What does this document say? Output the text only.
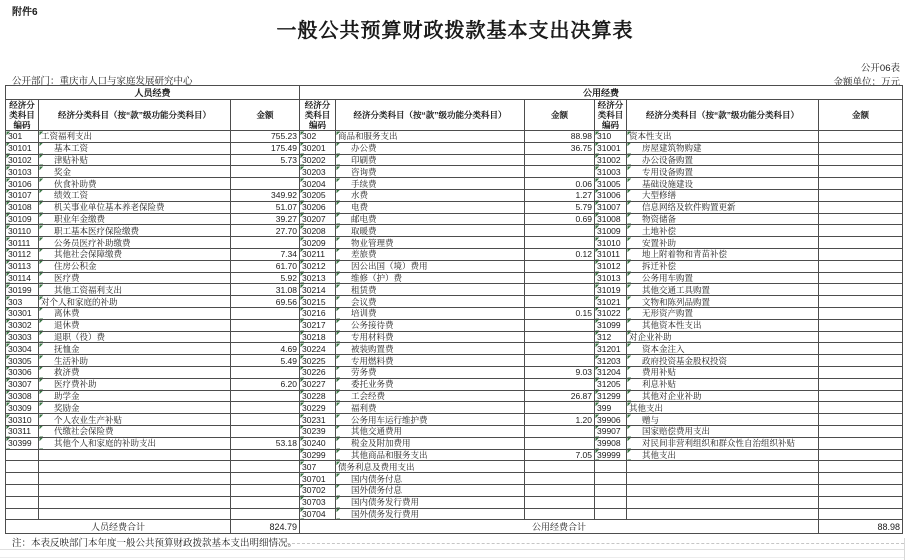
附件6
一般公共预算财政拨款基本支出决算表
公开06表
公开部门：重庆市人口与家庭发展研究中心	金额单位：万元
人员经费			公用经费					
经济分类科目编码	经济分类科目（按“款”级功能分类科目）	金额	经济分类科目编码	经济分类科目（按“款”级功能分类科目）	金额	经济分类科目编码	经济分类科目（按“款”级功能分类科目）	金额
301	工资福利支出	755.23	302	商品和服务支出	88.98	310	资本性支出	
30101	基本工资	175.49	30201	办公费	36.75	31001	房屋建筑物购建	
30102	津贴补贴	5.73	30202	印刷费		31002	办公设备购置	
30103	奖金		30203	咨询费		31003	专用设备购置	
30106	伙食补助费		30204	手续费	0.06	31005	基础设施建设	
30107	绩效工资	349.92	30205	水费	1.27	31006	大型修缮	
30108	机关事业单位基本养老保险费	51.07	30206	电费	5.79	31007	信息网络及软件购置更新	
30109	职业年金缴费	39.27	30207	邮电费	0.69	31008	物资储备	
30110	职工基本医疗保险缴费	27.70	30208	取暖费		31009	土地补偿	
30111	公务员医疗补助缴费		30209	物业管理费		31010	安置补助	
30112	其他社会保障缴费	7.34	30211	差旅费	0.12	31011	地上附着物和青苗补偿	
30113	住房公积金	61.70	30212	因公出国（境）费用		31012	拆迁补偿	
30114	医疗费	5.92	30213	维修（护）费		31013	公务用车购置	
30199	其他工资福利支出	31.08	30214	租赁费		31019	其他交通工具购置	
303	对个人和家庭的补助	69.56	30215	会议费		31021	文物和陈列品购置	
30301	离休费		30216	培训费	0.15	31022	无形资产购置	
30302	退休费		30217	公务接待费		31099	其他资本性支出	
30303	退职（役）费		30218	专用材料费		312	对企业补助	
30304	抚恤金	4.69	30224	被装购置费		31201	资本金注入	
30305	生活补助	5.49	30225	专用燃料费		31203	政府投资基金股权投资	
30306	救济费		30226	劳务费	9.03	31204	费用补贴	
30307	医疗费补助	6.20	30227	委托业务费		31205	利息补贴	
30308	助学金		30228	工会经费	26.87	31299	其他对企业补助	
30309	奖励金		30229	福利费		399	其他支出	
30310	个人农业生产补贴		30231	公务用车运行维护费	1.20	39906	赠与	
30311	代缴社会保险费		30239	其他交通费用		39907	国家赔偿费用支出	
30399	其他个人和家庭的补助支出	53.18	30240	税金及附加费用		39908	对民间非营利组织和群众性自治组织补贴	
			30299	其他商品和服务支出	7.05	39999	其他支出	
			307	债务利息及费用支出				
			30701	国内债务付息				
			30702	国外债务付息				
			30703	国内债务发行费用				
			30704	国外债务发行费用				
人员经费合计		824.79	公用经费合计					88.98
注：本表反映部门本年度一般公共预算财政拨款基本支出明细情况。
